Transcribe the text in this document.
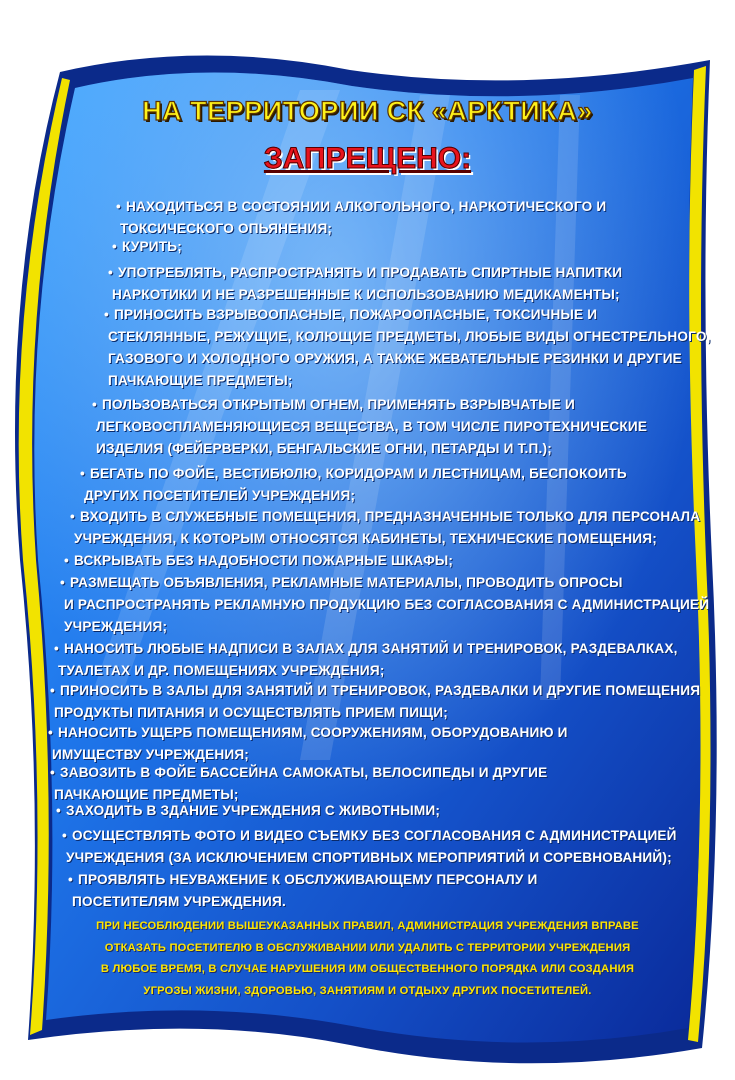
НА ТЕРРИТОРИИ СК «АРКТИКА»
ЗАПРЕЩЕНО:
• НАХОДИТЬСЯ В СОСТОЯНИИ АЛКОГОЛЬНОГО, НАРКОТИЧЕСКОГО И
ТОКСИЧЕСКОГО ОПЬЯНЕНИЯ;
• КУРИТЬ;
• УПОТРЕБЛЯТЬ, РАСПРОСТРАНЯТЬ И ПРОДАВАТЬ СПИРТНЫЕ НАПИТКИ
НАРКОТИКИ И НЕ РАЗРЕШЕННЫЕ К ИСПОЛЬЗОВАНИЮ МЕДИКАМЕНТЫ;
• ПРИНОСИТЬ ВЗРЫВООПАСНЫЕ, ПОЖАРООПАСНЫЕ, ТОКСИЧНЫЕ И
СТЕКЛЯННЫЕ, РЕЖУЩИЕ, КОЛЮЩИЕ ПРЕДМЕТЫ, ЛЮБЫЕ ВИДЫ ОГНЕСТРЕЛЬНОГО,
ГАЗОВОГО И ХОЛОДНОГО ОРУЖИЯ, А ТАКЖЕ ЖЕВАТЕЛЬНЫЕ РЕЗИНКИ И ДРУГИЕ
ПАЧКАЮЩИЕ ПРЕДМЕТЫ;
• ПОЛЬЗОВАТЬСЯ ОТКРЫТЫМ ОГНЕМ, ПРИМЕНЯТЬ ВЗРЫВЧАТЫЕ И
ЛЕГКОВОСПЛАМЕНЯЮЩИЕСЯ ВЕЩЕСТВА, В ТОМ ЧИСЛЕ ПИРОТЕХНИЧЕСКИЕ
ИЗДЕЛИЯ (ФЕЙЕРВЕРКИ, БЕНГАЛЬСКИЕ ОГНИ, ПЕТАРДЫ И Т.П.);
• БЕГАТЬ ПО ФОЙЕ, ВЕСТИБЮЛЮ, КОРИДОРАМ И ЛЕСТНИЦАМ, БЕСПОКОИТЬ
ДРУГИХ ПОСЕТИТЕЛЕЙ УЧРЕЖДЕНИЯ;
• ВХОДИТЬ В СЛУЖЕБНЫЕ ПОМЕЩЕНИЯ, ПРЕДНАЗНАЧЕННЫЕ ТОЛЬКО ДЛЯ ПЕРСОНАЛА
УЧРЕЖДЕНИЯ, К КОТОРЫМ ОТНОСЯТСЯ КАБИНЕТЫ, ТЕХНИЧЕСКИЕ ПОМЕЩЕНИЯ;
• ВСКРЫВАТЬ БЕЗ НАДОБНОСТИ ПОЖАРНЫЕ ШКАФЫ;
• РАЗМЕЩАТЬ ОБЪЯВЛЕНИЯ, РЕКЛАМНЫЕ МАТЕРИАЛЫ, ПРОВОДИТЬ ОПРОСЫ
И РАСПРОСТРАНЯТЬ РЕКЛАМНУЮ ПРОДУКЦИЮ БЕЗ СОГЛАСОВАНИЯ С АДМИНИСТРАЦИЕЙ
УЧРЕЖДЕНИЯ;
• НАНОСИТЬ ЛЮБЫЕ НАДПИСИ В ЗАЛАХ ДЛЯ ЗАНЯТИЙ И ТРЕНИРОВОК, РАЗДЕВАЛКАХ,
ТУАЛЕТАХ И ДР. ПОМЕЩЕНИЯХ УЧРЕЖДЕНИЯ;
• ПРИНОСИТЬ В ЗАЛЫ ДЛЯ ЗАНЯТИЙ И ТРЕНИРОВОК, РАЗДЕВАЛКИ И ДРУГИЕ ПОМЕЩЕНИЯ
ПРОДУКТЫ ПИТАНИЯ И ОСУЩЕСТВЛЯТЬ ПРИЕМ ПИЩИ;
• НАНОСИТЬ УЩЕРБ ПОМЕЩЕНИЯМ, СООРУЖЕНИЯМ, ОБОРУДОВАНИЮ И
ИМУЩЕСТВУ УЧРЕЖДЕНИЯ;
• ЗАВОЗИТЬ В ФОЙЕ БАССЕЙНА САМОКАТЫ, ВЕЛОСИПЕДЫ И ДРУГИЕ
ПАЧКАЮЩИЕ ПРЕДМЕТЫ;
• ЗАХОДИТЬ В ЗДАНИЕ УЧРЕЖДЕНИЯ С ЖИВОТНЫМИ;
• ОСУЩЕСТВЛЯТЬ ФОТО И ВИДЕО СЪЕМКУ БЕЗ СОГЛАСОВАНИЯ С АДМИНИСТРАЦИЕЙ
УЧРЕЖДЕНИЯ (ЗА ИСКЛЮЧЕНИЕМ СПОРТИВНЫХ МЕРОПРИЯТИЙ И СОРЕВНОВАНИЙ);
• ПРОЯВЛЯТЬ НЕУВАЖЕНИЕ К ОБСЛУЖИВАЮЩЕМУ ПЕРСОНАЛУ И
ПОСЕТИТЕЛЯМ УЧРЕЖДЕНИЯ.
ПРИ НЕСОБЛЮДЕНИИ ВЫШЕУКАЗАННЫХ ПРАВИЛ, АДМИНИСТРАЦИЯ УЧРЕЖДЕНИЯ ВПРАВЕ
ОТКАЗАТЬ ПОСЕТИТЕЛЮ В ОБСЛУЖИВАНИИ ИЛИ УДАЛИТЬ С ТЕРРИТОРИИ УЧРЕЖДЕНИЯ
В ЛЮБОЕ ВРЕМЯ, В СЛУЧАЕ НАРУШЕНИЯ ИМ ОБЩЕСТВЕННОГО ПОРЯДКА ИЛИ СОЗДАНИЯ
УГРОЗЫ ЖИЗНИ, ЗДОРОВЬЮ, ЗАНЯТИЯМ И ОТДЫХУ ДРУГИХ ПОСЕТИТЕЛЕЙ.
